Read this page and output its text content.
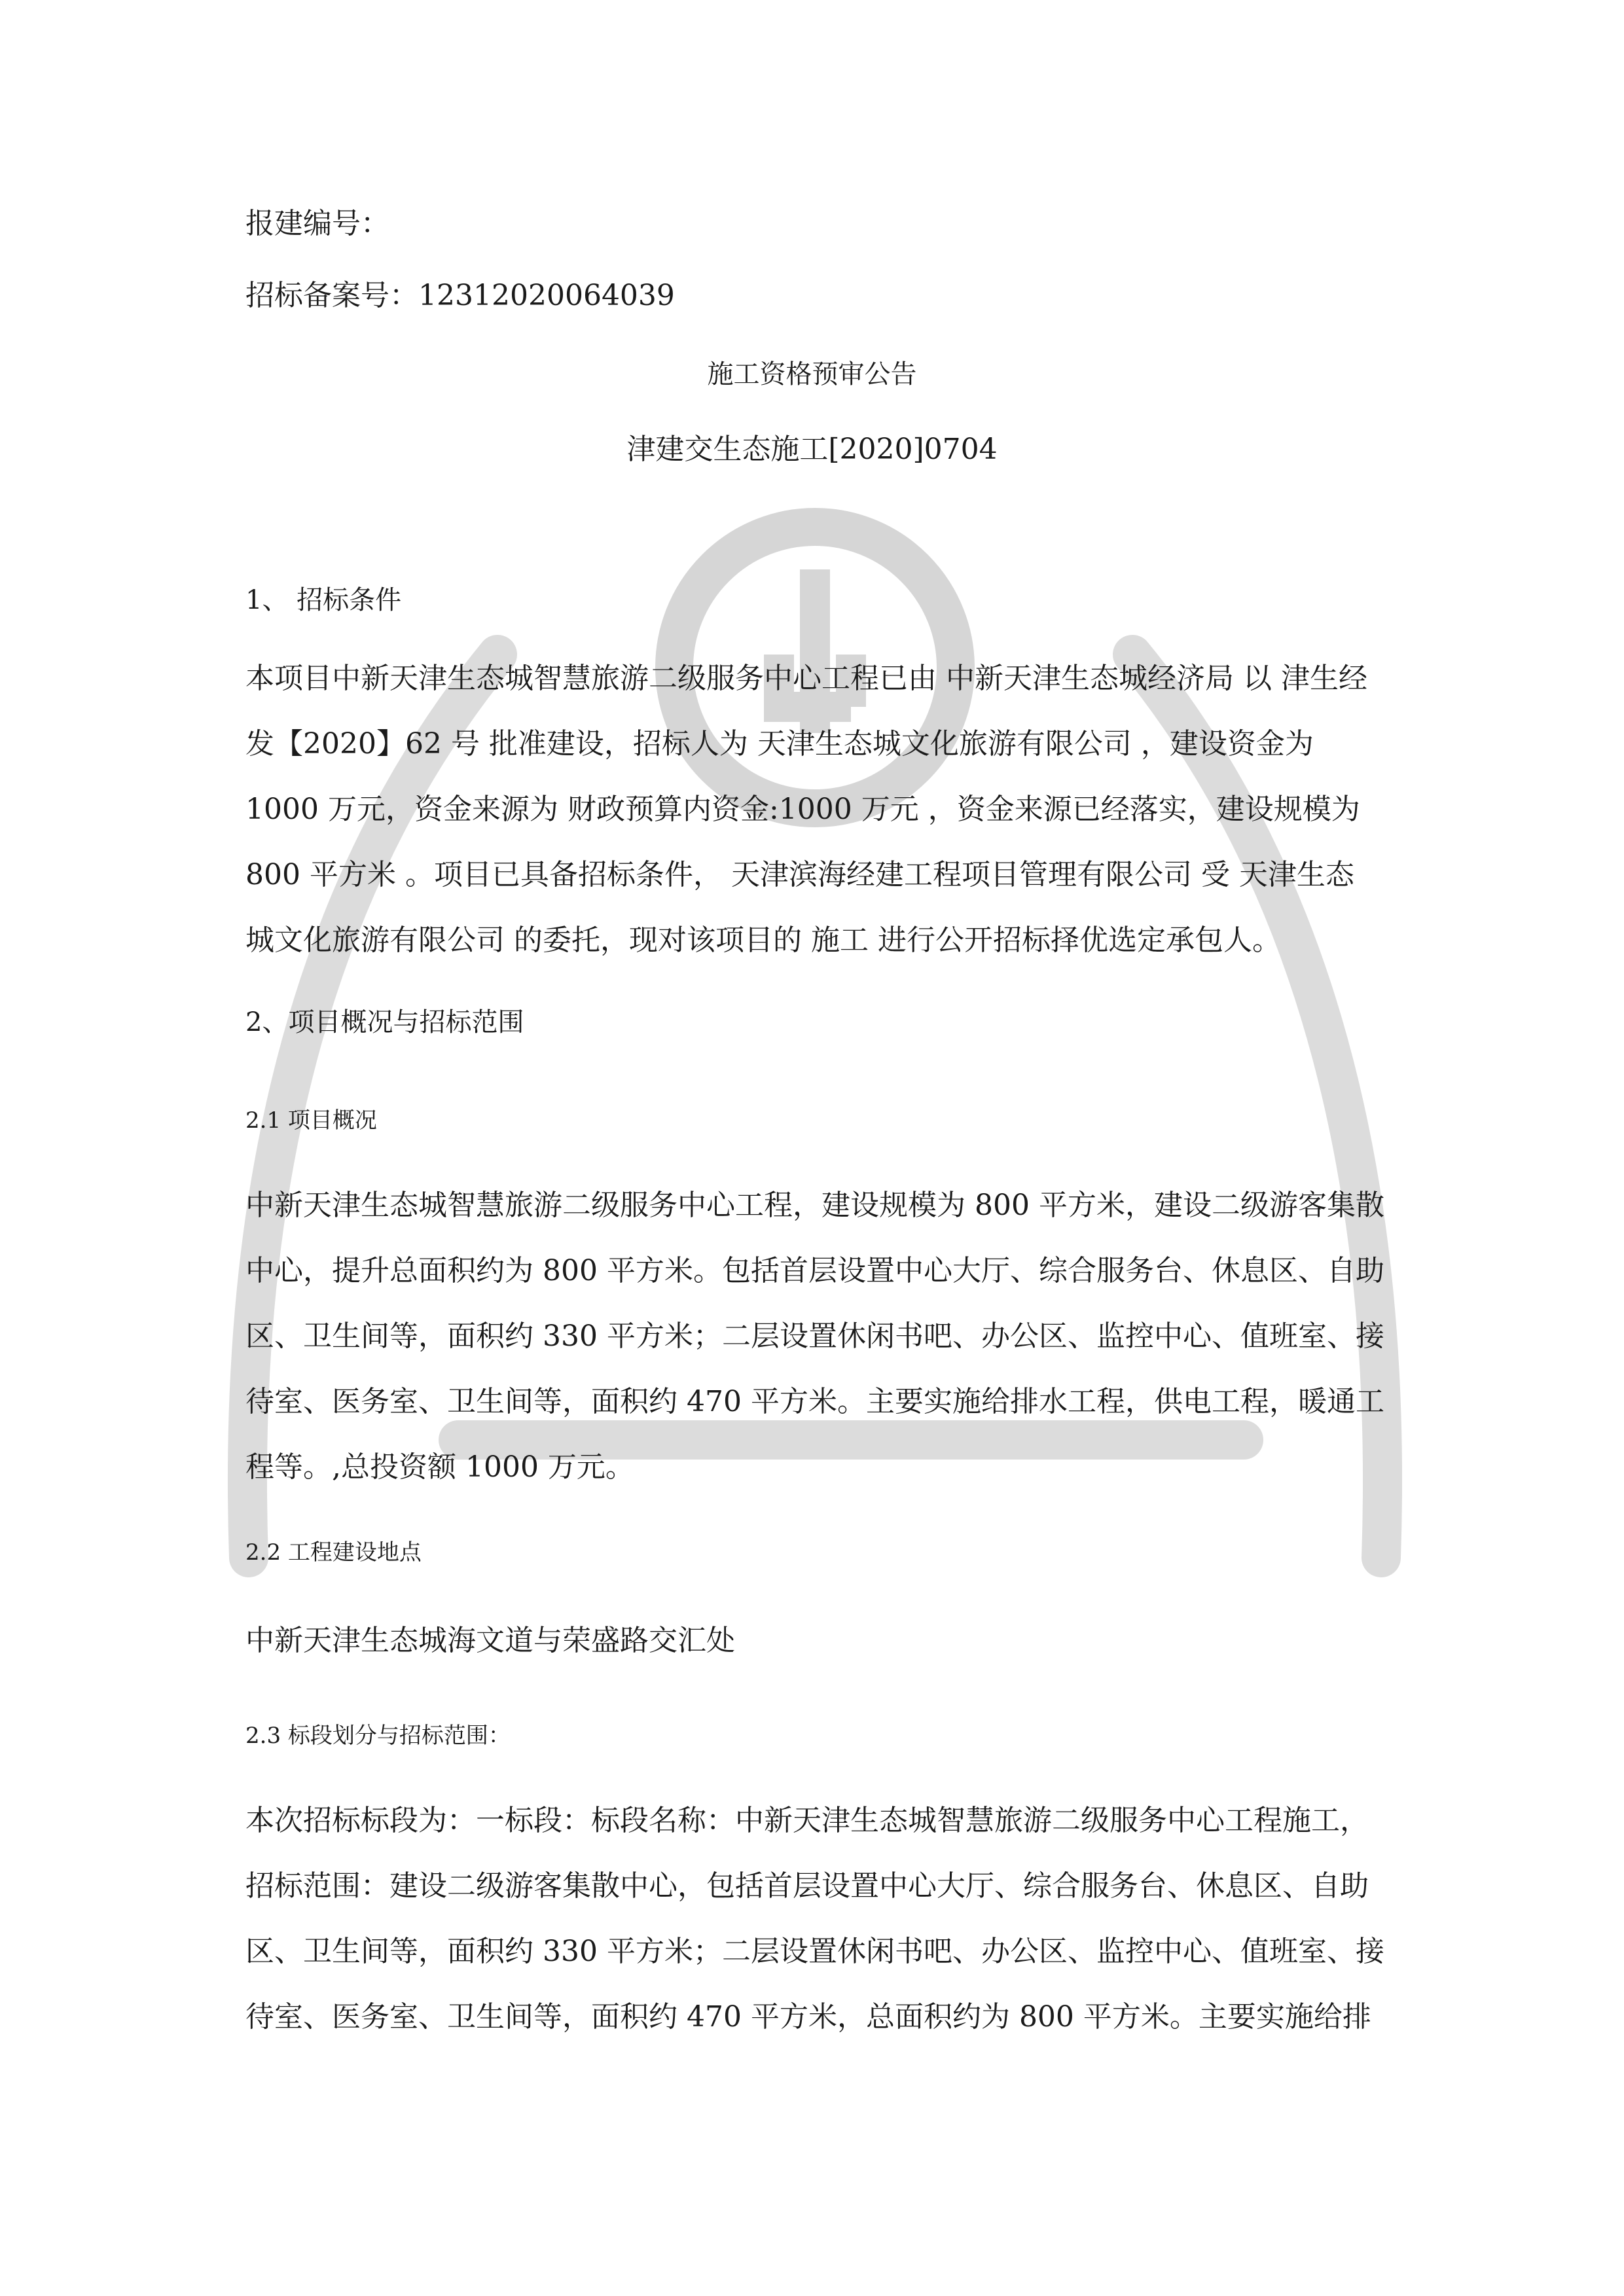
报建编号：
招标备案号：12312020064039
施工资格预审公告
津建交生态施工[2020]0704
1、 招标条件
本项目中新天津生态城智慧旅游二级服务中心工程已由 中新天津生态城经济局 以 津生经
发【2020】62 号 批准建设，招标人为 天津生态城文化旅游有限公司 ，建设资金为
1000 万元，资金来源为 财政预算内资金:1000 万元 ，资金来源已经落实，建设规模为
800 平方米 。项目已具备招标条件， 天津滨海经建工程项目管理有限公司 受 天津生态
城文化旅游有限公司 的委托，现对该项目的 施工 进行公开招标择优选定承包人。
2、项目概况与招标范围
2.1 项目概况
中新天津生态城智慧旅游二级服务中心工程，建设规模为 800 平方米，建设二级游客集散
中心，提升总面积约为 800 平方米。包括首层设置中心大厅、综合服务台、休息区、自助
区、卫生间等，面积约 330 平方米；二层设置休闲书吧、办公区、监控中心、值班室、接
待室、医务室、卫生间等，面积约 470 平方米。主要实施给排水工程，供电工程，暖通工
程等。,总投资额 1000 万元。
2.2 工程建设地点
中新天津生态城海文道与荣盛路交汇处
2.3 标段划分与招标范围：
本次招标标段为：一标段：标段名称：中新天津生态城智慧旅游二级服务中心工程施工，
招标范围：建设二级游客集散中心，包括首层设置中心大厅、综合服务台、休息区、自助
区、卫生间等，面积约 330 平方米；二层设置休闲书吧、办公区、监控中心、值班室、接
待室、医务室、卫生间等，面积约 470 平方米，总面积约为 800 平方米。主要实施给排
